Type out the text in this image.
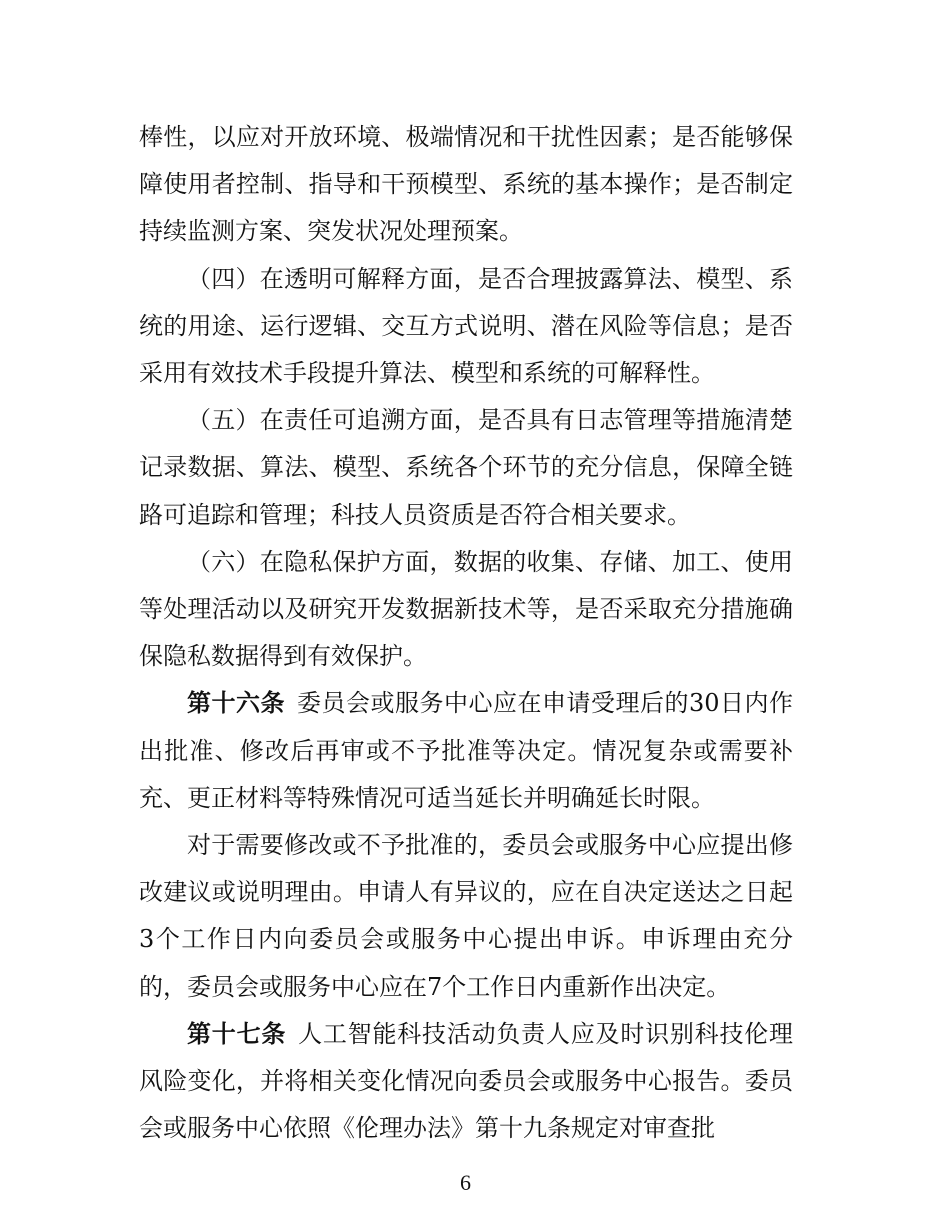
棒性，以应对开放环境、极端情况和干扰性因素；是否能够保障使用者控制、指导和干预模型、系统的基本操作；是否制定持续监测方案、突发状况处理预案。

（四）在透明可解释方面，是否合理披露算法、模型、系统的用途、运行逻辑、交互方式说明、潜在风险等信息；是否采用有效技术手段提升算法、模型和系统的可解释性。

（五）在责任可追溯方面，是否具有日志管理等措施清楚记录数据、算法、模型、系统各个环节的充分信息，保障全链路可追踪和管理；科技人员资质是否符合相关要求。

（六）在隐私保护方面，数据的收集、存储、加工、使用等处理活动以及研究开发数据新技术等，是否采取充分措施确保隐私数据得到有效保护。

第十六条 委员会或服务中心应在申请受理后的30日内作出批准、修改后再审或不予批准等决定。情况复杂或需要补充、更正材料等特殊情况可适当延长并明确延长时限。

对于需要修改或不予批准的，委员会或服务中心应提出修改建议或说明理由。申请人有异议的，应在自决定送达之日起3个工作日内向委员会或服务中心提出申诉。申诉理由充分的，委员会或服务中心应在7个工作日内重新作出决定。

第十七条 人工智能科技活动负责人应及时识别科技伦理风险变化，并将相关变化情况向委员会或服务中心报告。委员会或服务中心依照《伦理办法》第十九条规定对审查批

6
